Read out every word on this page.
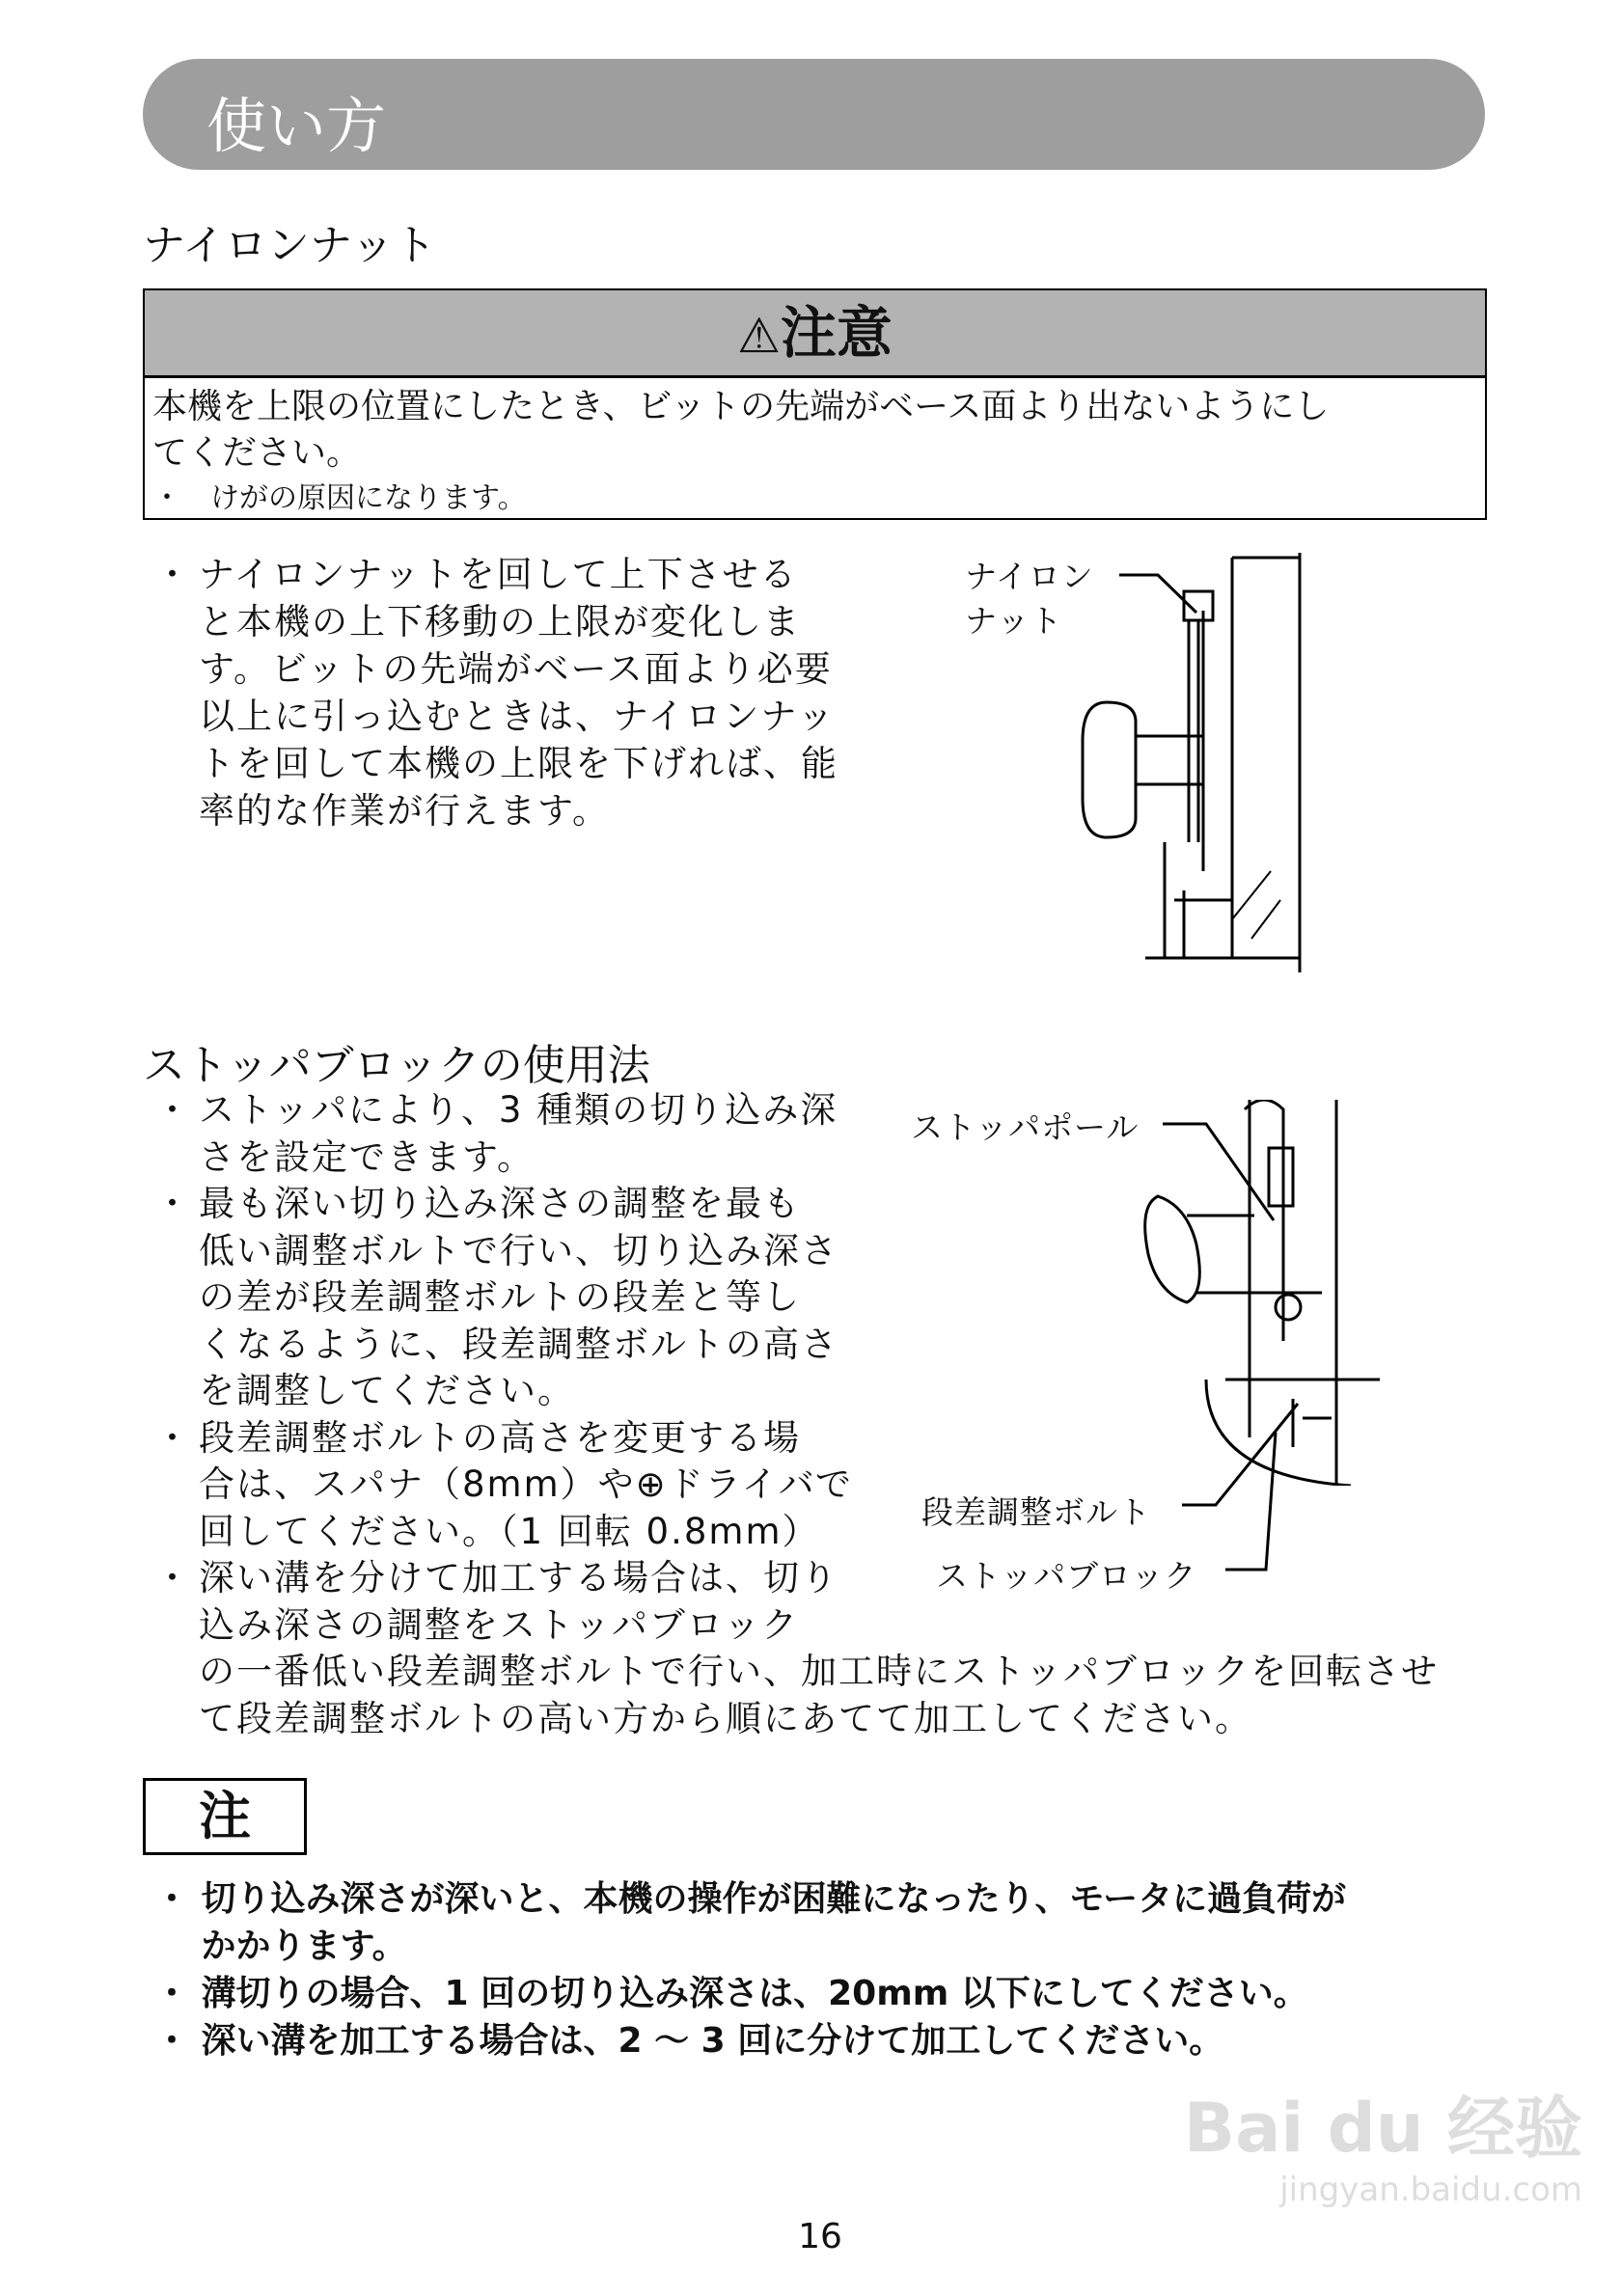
使い方
ナイロンナット
⚠注意
本機を上限の位置にしたとき、ビットの先端がベース面より出ないようにし
てください。
・　けがの原因になります。
ナイロン
ナット
ストッパブロックの使用法
ストッパポール
段差調整ボルト
ストッパブロック
注
16
Bai du 经验
jingyan.baidu.com
・ ナイロンナットを回して上下させる
と本機の上下移動の上限が変化しま
す。ビットの先端がベース面より必要
以上に引っ込むときは、ナイロンナッ
トを回して本機の上限を下げれば、能
率的な作業が行えます。
・ ストッパにより、3 種類の切り込み深
さを設定できます。
・ 最も深い切り込み深さの調整を最も
低い調整ボルトで行い、切り込み深さ
の差が段差調整ボルトの段差と等し
くなるように、段差調整ボルトの高さ
を調整してください。
・ 段差調整ボルトの高さを変更する場
合は、スパナ（8mm）や⊕ドライバで
回してください。（1 回転 0.8mm）
・ 深い溝を分けて加工する場合は、切り
込み深さの調整をストッパブロック
の一番低い段差調整ボルトで行い、加工時にストッパブロックを回転させ
て段差調整ボルトの高い方から順にあてて加工してください。
・ 切り込み深さが深いと、本機の操作が困難になったり、モータに過負荷が
　 かかります。
・ 溝切りの場合、1 回の切り込み深さは、20mm 以下にしてください。
・ 深い溝を加工する場合は、2 ～ 3 回に分けて加工してください。
